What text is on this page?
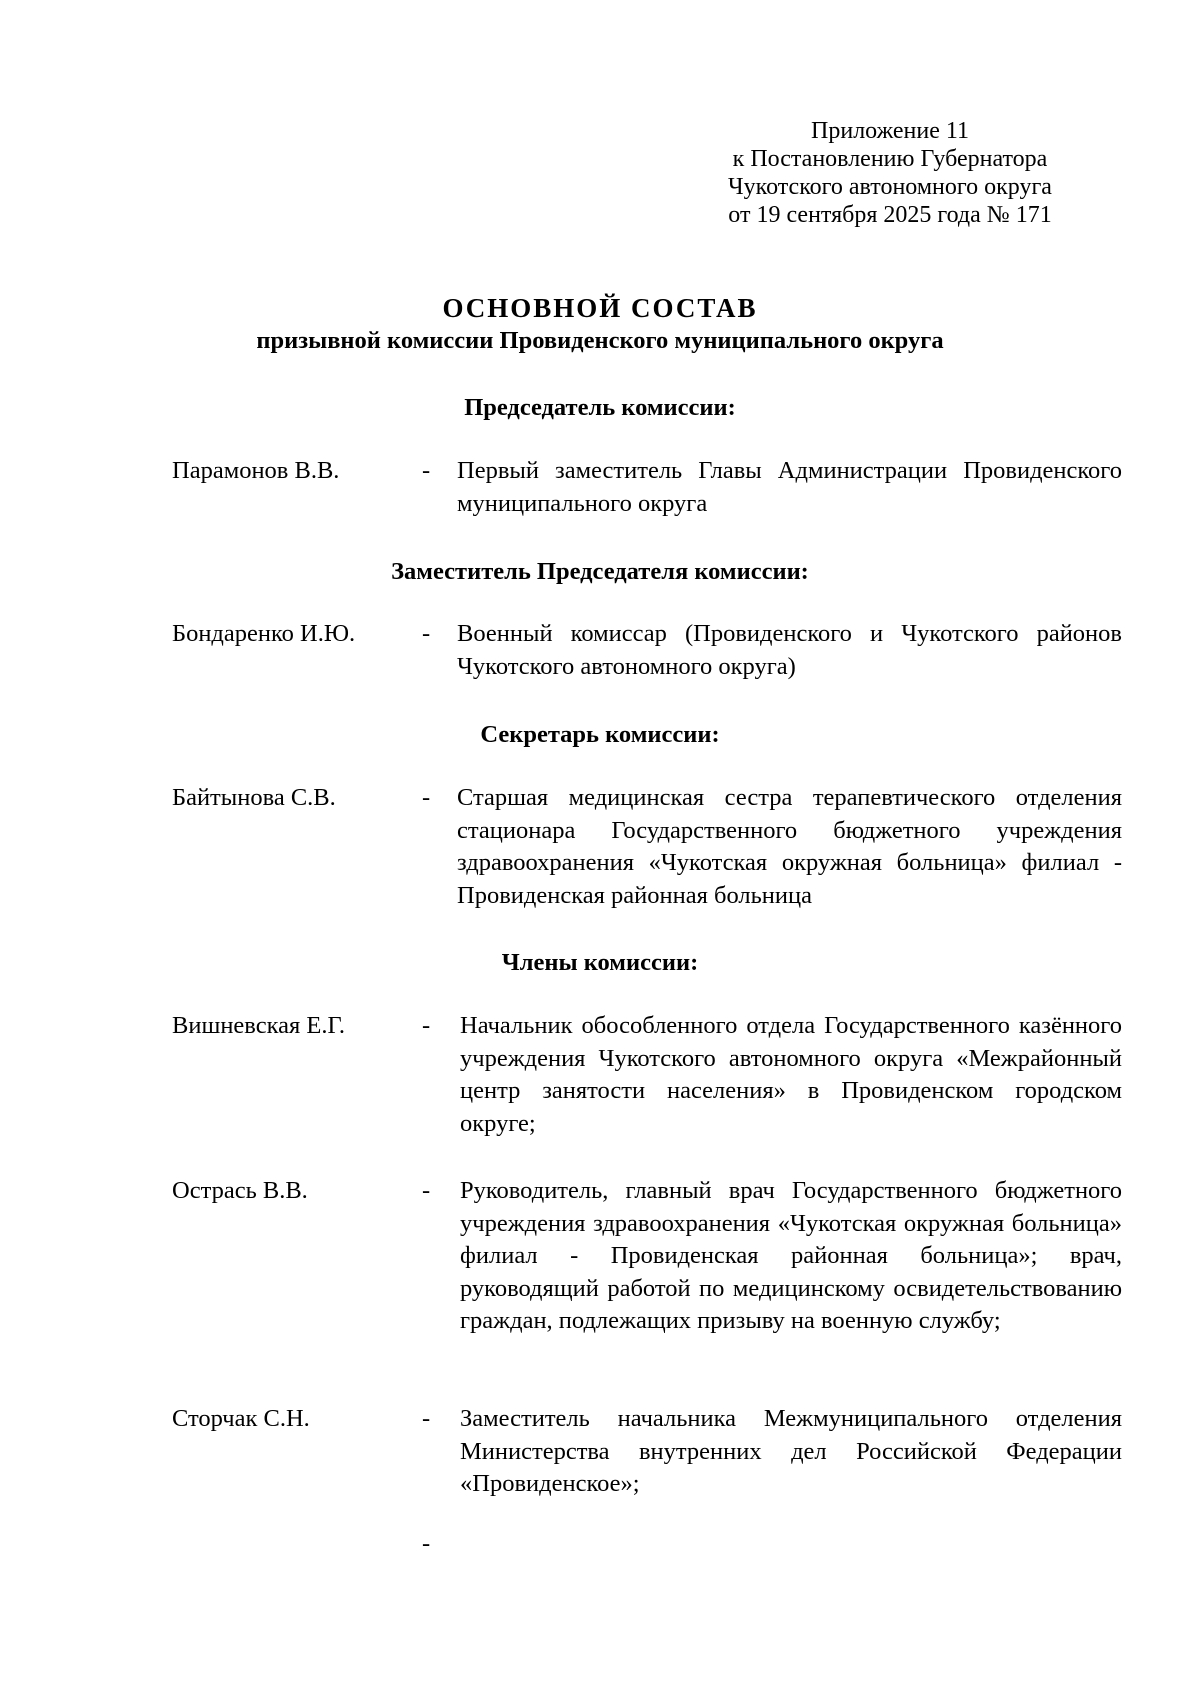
Приложение 11
к Постановлению Губернатора
Чукотского автономного округа
от 19 сентября 2025 года № 171
ОСНОВНОЙ СОСТАВ
призывной комиссии Провиденского муниципального округа
Председатель комиссии:
Парамонов В.В.	- Первый заместитель Главы Администрации Провиденского муниципального округа
Заместитель Председателя комиссии:
Бондаренко И.Ю.	- Военный комиссар (Провиденского и Чукотского районов Чукотского автономного округа)
Секретарь комиссии:
Байтынова С.В.	- Старшая медицинская сестра терапевтического отделения стационара Государственного бюджетного учреждения здравоохранения «Чукотская окружная больница» филиал - Провиденская районная больница
Члены комиссии:
Вишневская Е.Г.	- Начальник обособленного отдела Государственного казённого учреждения Чукотского автономного округа «Межрайонный центр занятости населения» в Провиденском городском округе;
Острась В.В.	- Руководитель, главный врач Государственного бюджетного учреждения здравоохранения «Чукотская окружная больница» филиал - Провиденская районная больница»; врач, руководящий работой по медицинскому освидетельствованию граждан, подлежащих призыву на военную службу;
Сторчак С.Н.	- Заместитель начальника Межмуниципального отделения Министерства внутренних дел Российской Федерации «Провиденское»;
-
